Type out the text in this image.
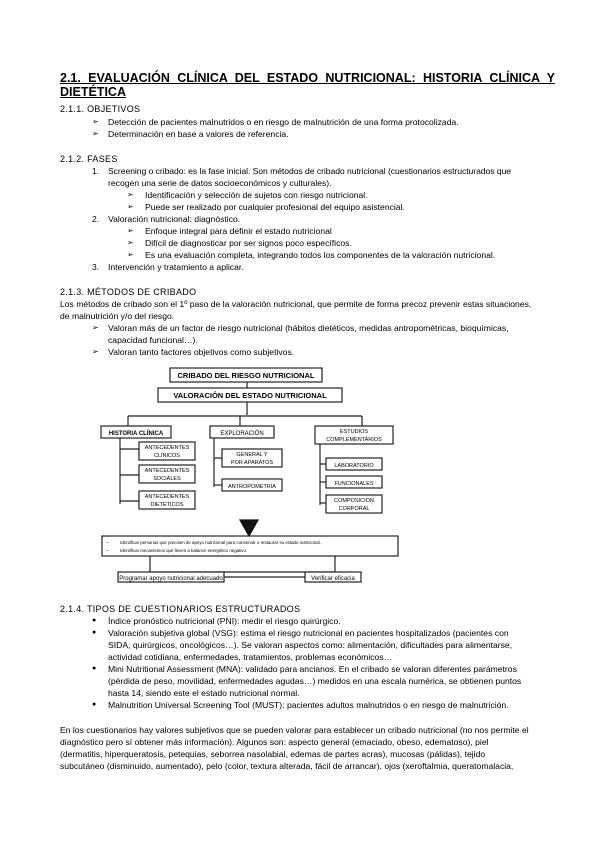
2.1. EVALUACIÓN CLÍNICA DEL ESTADO NUTRICIONAL: HISTORIA CLÍNICA Y DIETÉTICA
2.1.1. OBJETIVOS
➢ Detección de pacientes malnutridos o en riesgo de malnutrición de una forma protocolizada.
➢ Determinación en base a valores de referencia.
2.1.2. FASES
1. Screening o cribado: es la fase inicial. Son métodos de cribado nutricional (cuestionarios estructurados que
recogen una serie de datos socioeconómicos y culturales).
➢ Identificación y selección de sujetos con riesgo nutricional.
➢ Puede ser realizado por cualquier profesional del equipo asistencial.
2. Valoración nutricional: diagnóstico.
➢ Enfoque integral para definir el estado nutricional
➢ Difícil de diagnosticar por ser signos poco específicos.
➢ Es una evaluación completa, integrando todos los componentes de la valoración nutricional.
3. Intervención y tratamiento a aplicar.
2.1.3. MÉTODOS DE CRIBADO
Los métodos de cribado son el 1º paso de la valoración nutricional, que permite de forma precoz prevenir estas situaciones,
de malnutrición y/o del riesgo.
➢ Valoran más de un factor de riesgo nutricional (hábitos dietéticos, medidas antropométricas, bioquímicas,
capacidad funcional…).
➢ Valoran tanto factores objetivos como subjetivos.
CRIBADO DEL RIESGO NUTRICIONAL
VALORACIÓN DEL ESTADO NUTRICIONAL
HISTORIA CLÍNICA
ANTECEDENTES
CLÍNICOS
ANTECEDENTES
SOCIALES
ANTECEDENTES
DIETÉTICOS
EXPLORACIÓN
GENERAL Y
POR APARATOS
ANTROPOMETRÍA
ESTUDIOS
COMPLEMENTARIOS
LABORATORIO
FUNCIONALES
COMPOSICIÓN
CORPORAL
–	Identificar personas que precisen de apoyo nutricional para conservar o restaurar su estado nutricional.
–	Identificar mecanismos que lleven a balance energético negativo.
Programar apoyo nutricional adecuado	Verificar eficacia
2.1.4. TIPOS DE CUESTIONARIOS ESTRUCTURADOS
● Índice pronóstico nutricional (PNI): medir el riesgo quirúrgico.
● Valoración subjetiva global (VSG): estima el riesgo nutricional en pacientes hospitalizados (pacientes con
SIDA, quirúrgicos, oncológicos…). Se valoran aspectos como: alimentación, dificultades para alimentarse,
actividad cotidiana, enfermedades, tratamientos, problemas económicos…
● Mini Nutritional Assessment (MNA): validado para ancianos. En el cribado se valoran diferentes parámetros
(pérdida de peso, movilidad, enfermedades agudas…) medidos en una escala numérica, se obtienen puntos
hasta 14, siendo este el estado nutricional normal.
● Malnutrition Universal Screening Tool (MUST): pacientes adultos malnutridos o en riesgo de malnutrición.
En los cuestionarios hay valores subjetivos que se pueden valorar para establecer un cribado nutricional (no nos permite el
diagnóstico pero sí obtener más información). Algunos son: aspecto general (emaciado, obeso, edematoso), piel
(dermatitis, hiperqueratosis, petequias, seborrea nasolabial, edemas de partes acras), mucosas (pálidas), tejido
subcutáneo (disminuido, aumentado), pelo (color, textura alterada, fácil de arrancar), ojos (xeroftalmia, queratomalacia,
